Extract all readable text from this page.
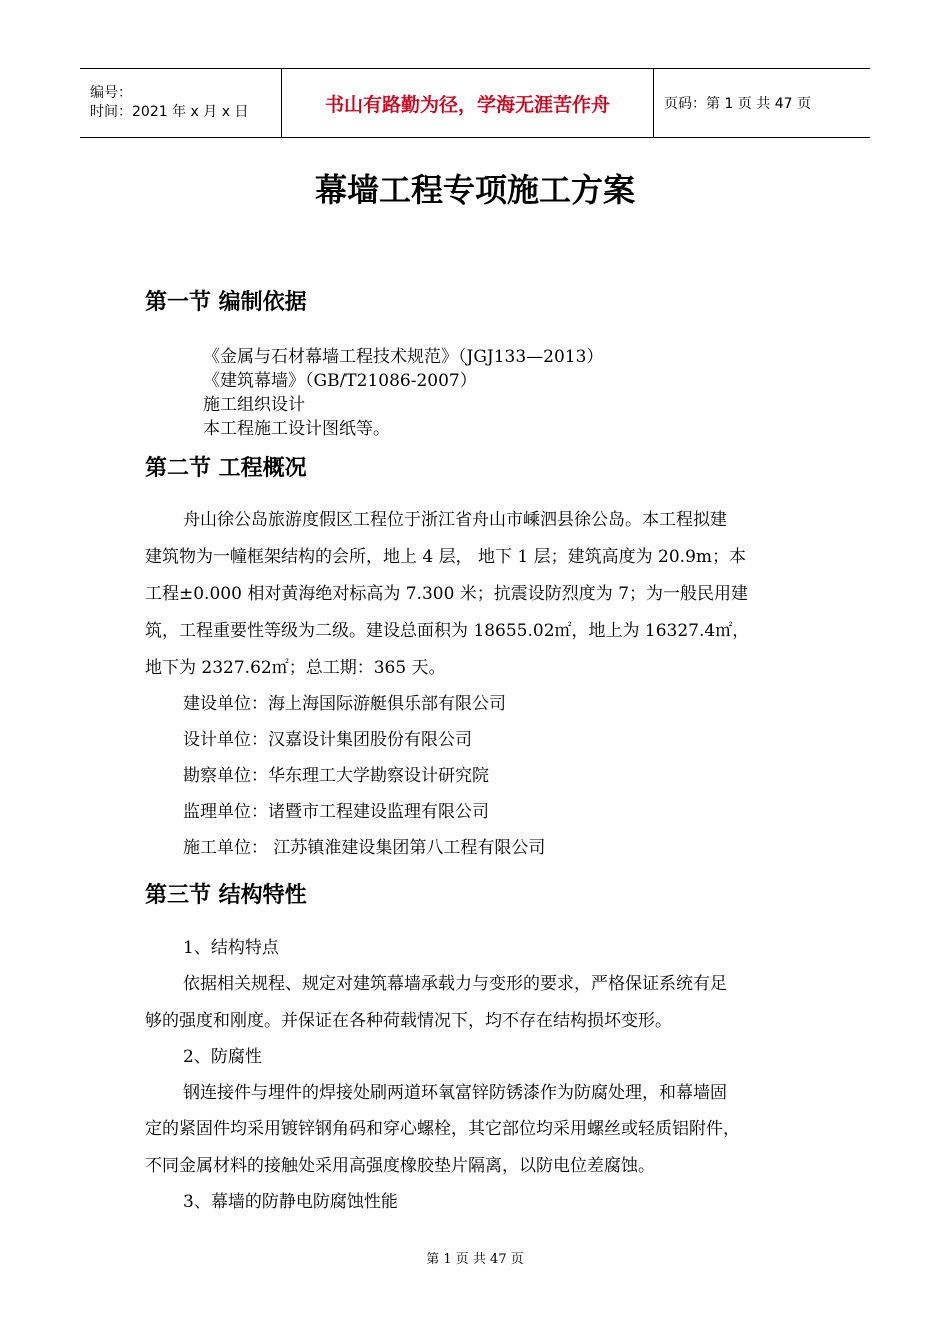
编号：
时间：2021 年 x 月 x 日	书山有路勤为径，学海无涯苦作舟	页码：第 1 页 共 47 页
幕墙工程专项施工方案
第一节 编制依据
《金属与石材幕墙工程技术规范》（JGJ133—2013）
《建筑幕墙》（GB/T21086-2007）
施工组织设计
本工程施工设计图纸等。
第二节 工程概况
舟山徐公岛旅游度假区工程位于浙江省舟山市嵊泗县徐公岛。本工程拟建
建筑物为一幢框架结构的会所，地上 4 层， 地下 1 层；建筑高度为 20.9m；本
工程±0.000 相对黄海绝对标高为 7.300 米；抗震设防烈度为 7；为一般民用建
筑，工程重要性等级为二级。建设总面积为 18655.02㎡，地上为 16327.4㎡，
地下为 2327.62㎡；总工期：365 天。
建设单位：海上海国际游艇俱乐部有限公司
设计单位：汉嘉设计集团股份有限公司
勘察单位：华东理工大学勘察设计研究院
监理单位：诸暨市工程建设监理有限公司
施工单位： 江苏镇淮建设集团第八工程有限公司
第三节 结构特性
1、结构特点
依据相关规程、规定对建筑幕墙承载力与变形的要求，严格保证系统有足
够的强度和刚度。并保证在各种荷载情况下，均不存在结构损坏变形。
2、防腐性
钢连接件与埋件的焊接处刷两道环氧富锌防锈漆作为防腐处理，和幕墙固
定的紧固件均采用镀锌钢角码和穿心螺栓，其它部位均采用螺丝或轻质铝附件，
不同金属材料的接触处采用高强度橡胶垫片隔离，以防电位差腐蚀。
3、幕墙的防静电防腐蚀性能
第 1 页 共 47 页
